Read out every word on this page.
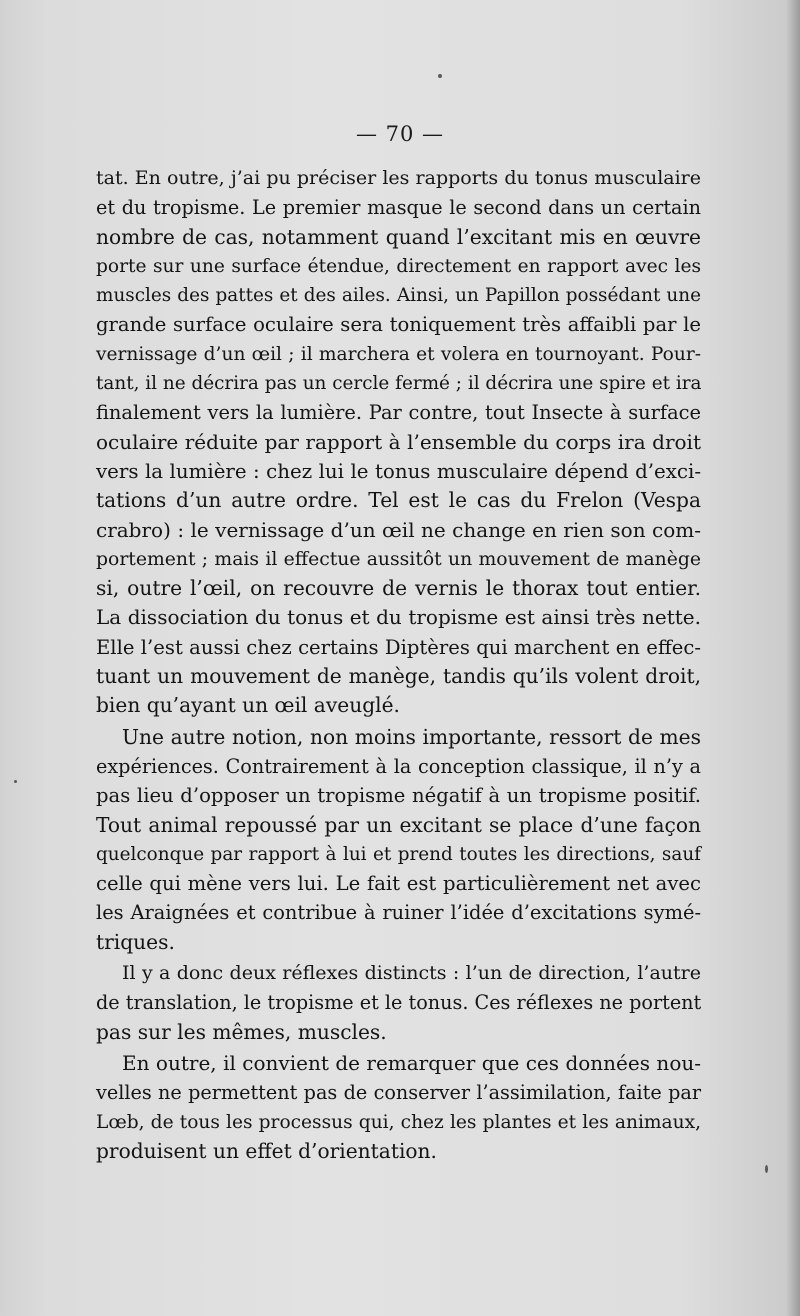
— 70 —
tat. En outre, j’ai pu préciser les rapports du tonus musculaire
et du tropisme. Le premier masque le second dans un certain
nombre de cas, notamment quand l’excitant mis en œuvre
porte sur une surface étendue, directement en rapport avec les
muscles des pattes et des ailes. Ainsi, un Papillon possédant une
grande surface oculaire sera toniquement très affaibli par le
vernissage d’un œil ; il marchera et volera en tournoyant. Pour-
tant, il ne décrira pas un cercle fermé ; il décrira une spire et ira
finalement vers la lumière. Par contre, tout Insecte à surface
oculaire réduite par rapport à l’ensemble du corps ira droit
vers la lumière : chez lui le tonus musculaire dépend d’exci-
tations d’un autre ordre. Tel est le cas du Frelon (Vespa
crabro) : le vernissage d’un œil ne change en rien son com-
portement ; mais il effectue aussitôt un mouvement de manège
si, outre l’œil, on recouvre de vernis le thorax tout entier.
La dissociation du tonus et du tropisme est ainsi très nette.
Elle l’est aussi chez certains Diptères qui marchent en effec-
tuant un mouvement de manège, tandis qu’ils volent droit,
bien qu’ayant un œil aveuglé.
Une autre notion, non moins importante, ressort de mes
expériences. Contrairement à la conception classique, il n’y a
pas lieu d’opposer un tropisme négatif à un tropisme positif.
Tout animal repoussé par un excitant se place d’une façon
quelconque par rapport à lui et prend toutes les directions, sauf
celle qui mène vers lui. Le fait est particulièrement net avec
les Araignées et contribue à ruiner l’idée d’excitations symé-
triques.
Il y a donc deux réflexes distincts : l’un de direction, l’autre
de translation, le tropisme et le tonus. Ces réflexes ne portent
pas sur les mêmes, muscles.
En outre, il convient de remarquer que ces données nou-
velles ne permettent pas de conserver l’assimilation, faite par
Lœb, de tous les processus qui, chez les plantes et les animaux,
produisent un effet d’orientation.
